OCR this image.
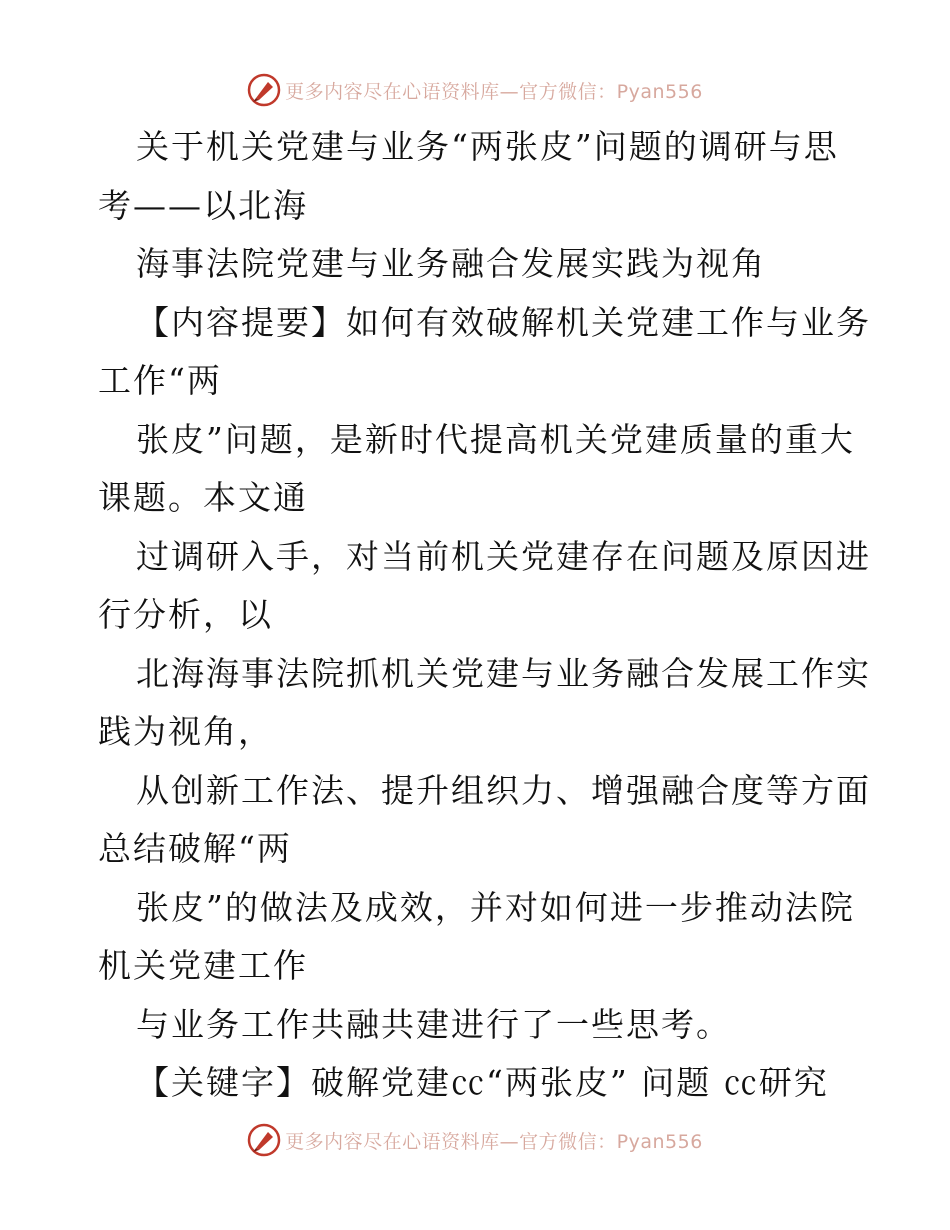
更多内容尽在心语资料库—官方微信：Pyan556
关于机关党建与业务“两张皮”问题的调研与思
考——以北海
海事法院党建与业务融合发展实践为视角
【内容提要】如何有效破解机关党建工作与业务
工作“两
张皮”问题，是新时代提高机关党建质量的重大
课题。本文通
过调研入手，对当前机关党建存在问题及原因进
行分析，以
北海海事法院抓机关党建与业务融合发展工作实
践为视角，
从创新工作法、提升组织力、增强融合度等方面
总结破解“两
张皮”的做法及成效，并对如何进一步推动法院
机关党建工作
与业务工作共融共建进行了一些思考。
【关键字】破解党建㏄“两张皮” 问题 ㏄研究
更多内容尽在心语资料库—官方微信：Pyan556
